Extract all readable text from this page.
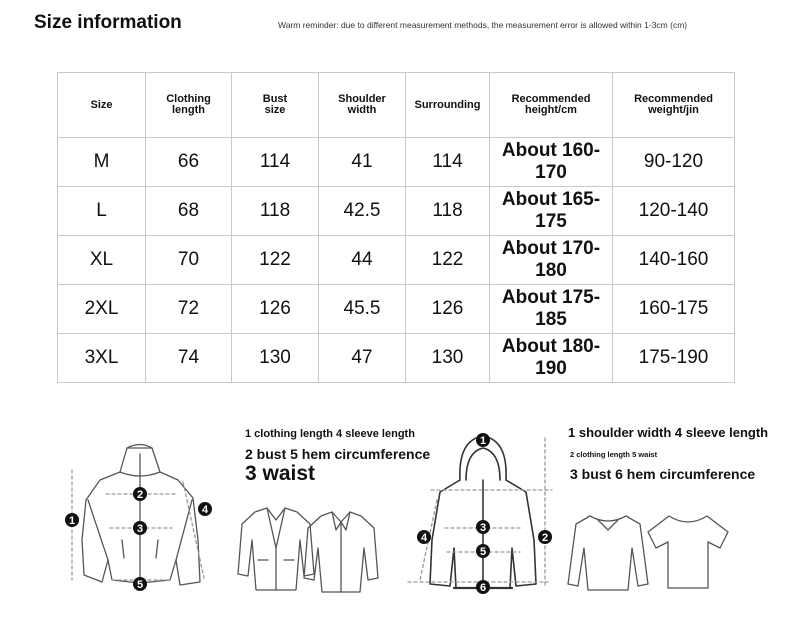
Size information	Warm reminder: due to different measurement methods, the measurement error is allowed within 1-3cm (cm)
Size	Clothing length	Bust size	Shoulder width	Surrounding	Recommended height/cm	Recommended weight/jin

M	66	114	41	114	About 160-170	90-120
L	68	118	42.5	118	About 165-175	120-140
XL	70	122	44	122	About 170-180	140-160
2XL	72	126	45.5	126	About 175-185	160-175
3XL	74	130	47	130	About 180-190	175-190
1 clothing length 4 sleeve length
2 bust 5 hem circumference
3 waist
1 shoulder width 4 sleeve length
2 clothing length 5 waist
3 bust 6 hem circumference
1
2
3
4
5
1
2
3
4
5
6
